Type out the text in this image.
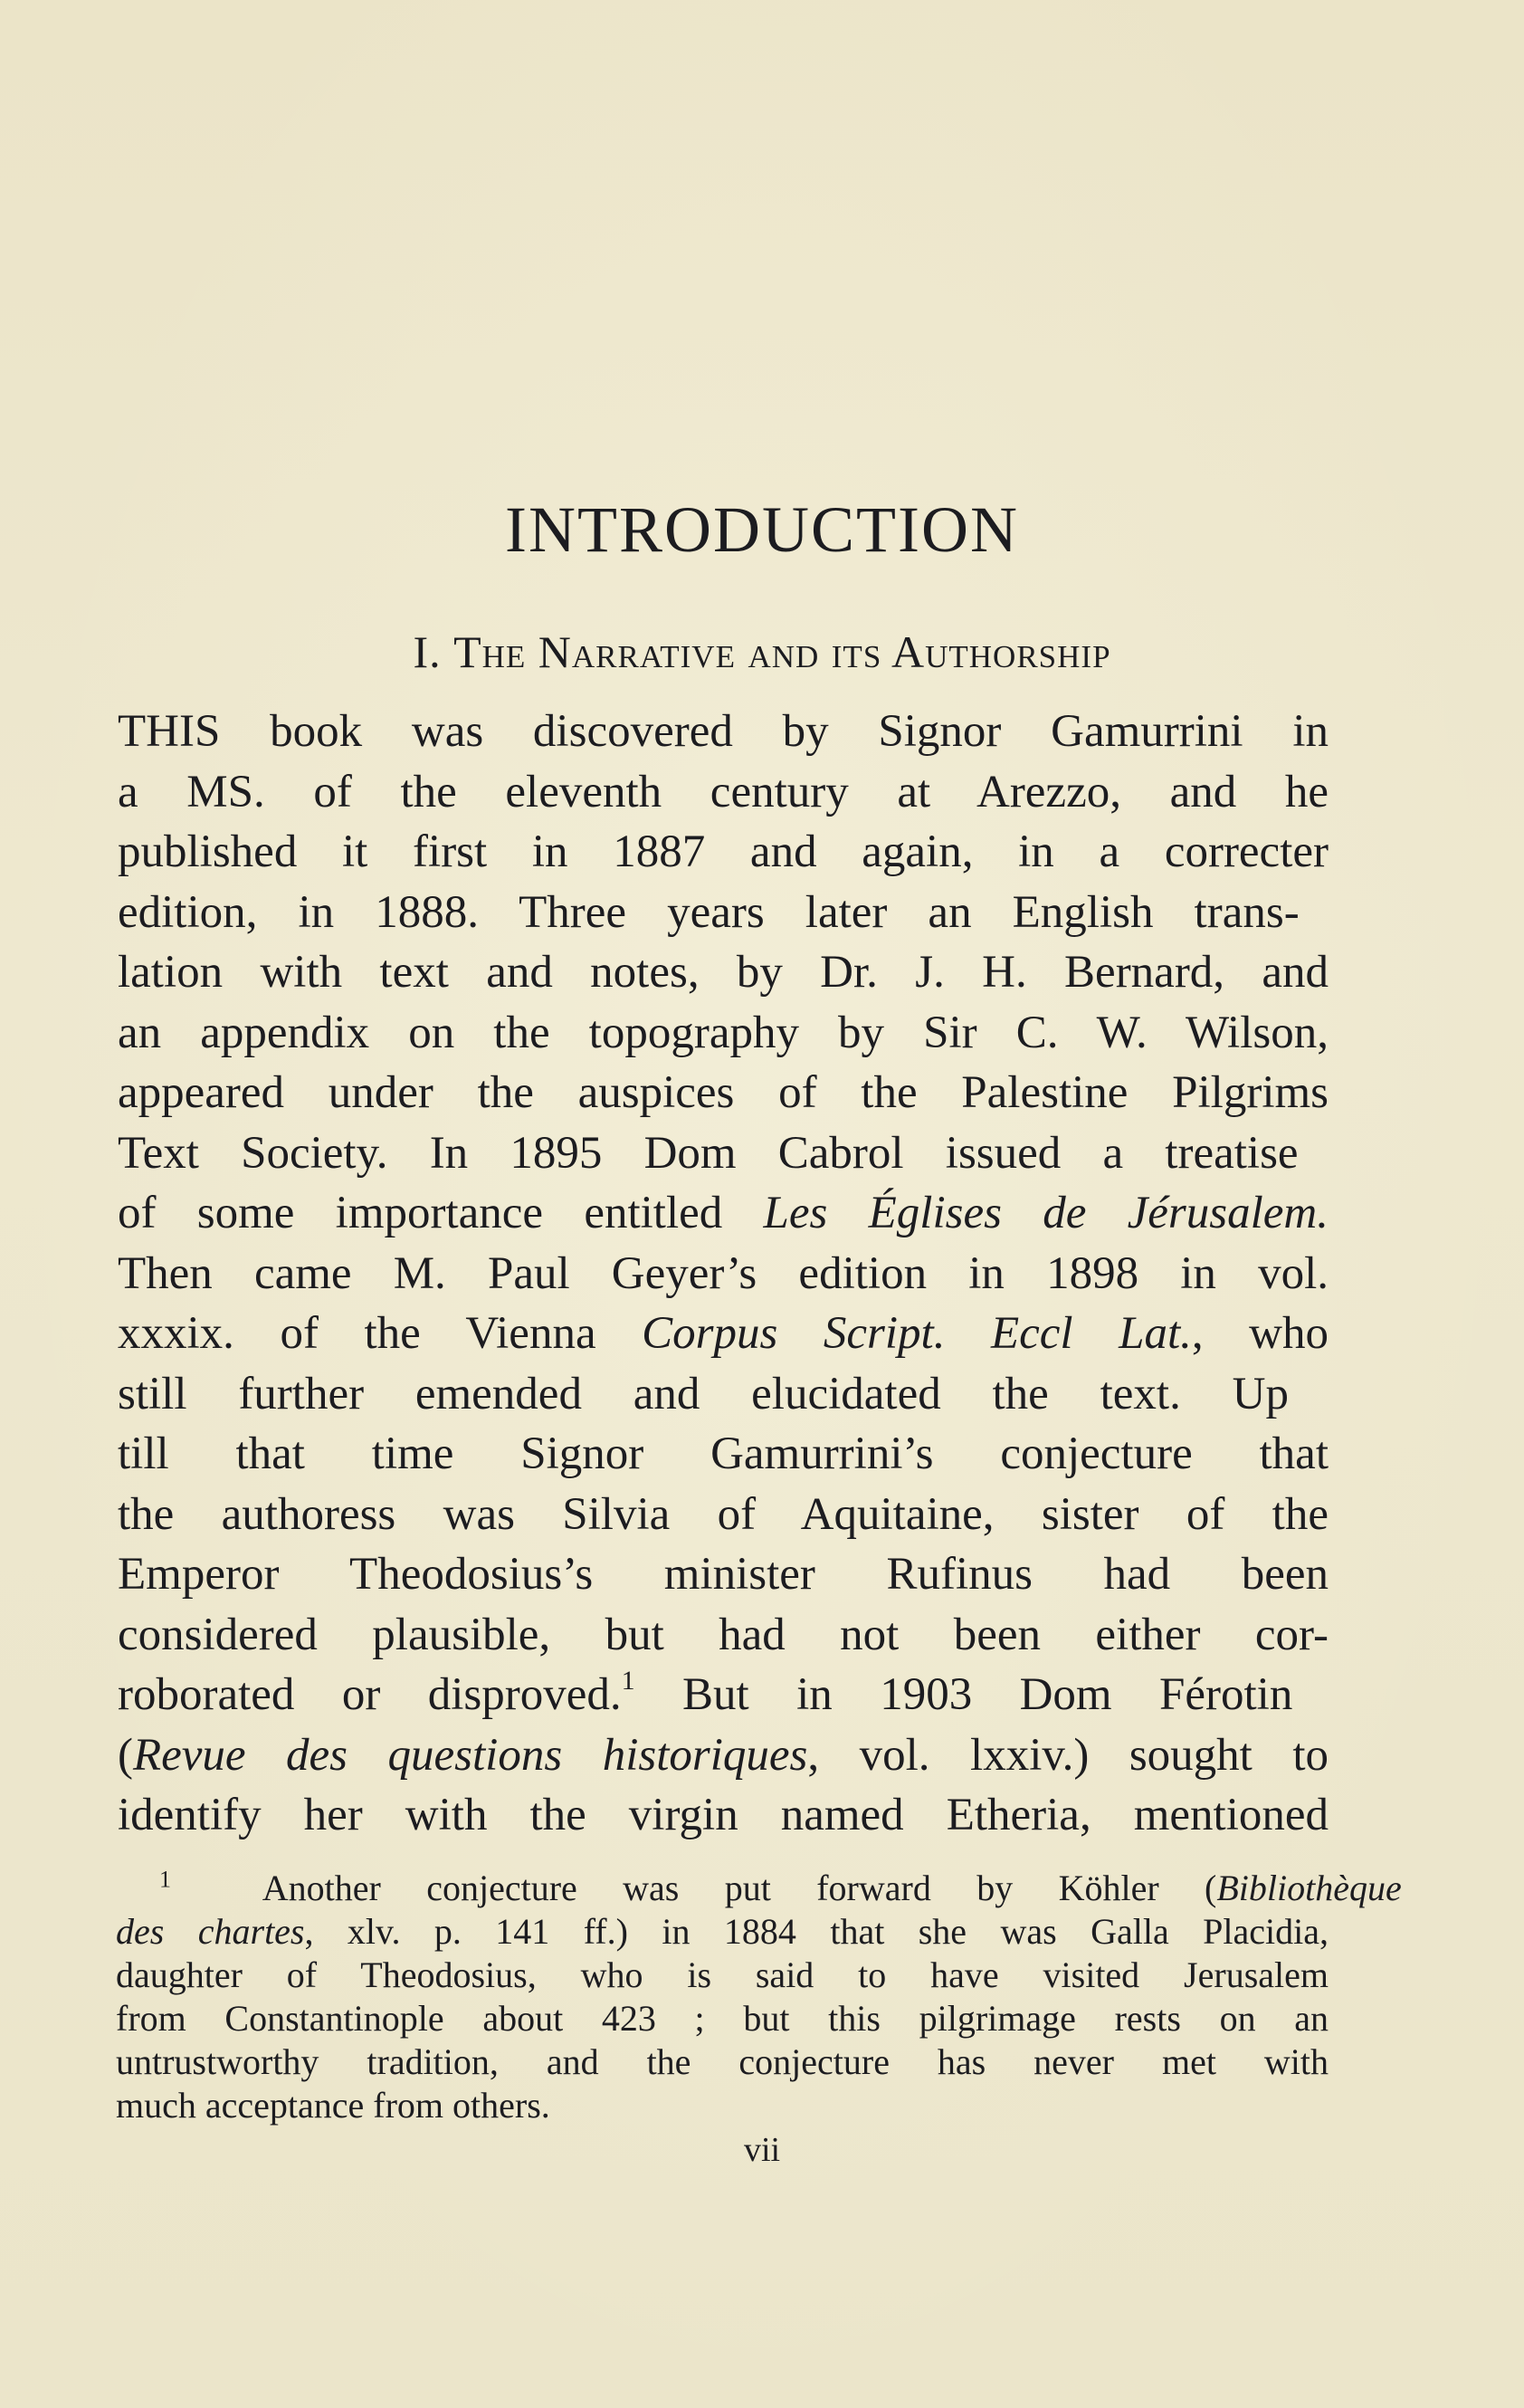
INTRODUCTION
I. The Narrative and its Authorship
THIS book was discovered by Signor Gamurrini in
a MS. of the eleventh century at Arezzo, and he
published it first in 1887 and again, in a correcter
edition, in 1888. Three years later an English trans-
lation with text and notes, by Dr. J. H. Bernard, and
an appendix on the topography by Sir C. W. Wilson,
appeared under the auspices of the Palestine Pilgrims
Text Society. In 1895 Dom Cabrol issued a treatise
of some importance entitled Les Églises de Jérusalem.
Then came M. Paul Geyer’s edition in 1898 in vol.
xxxix. of the Vienna Corpus Script. Eccl Lat., who
still further emended and elucidated the text. Up
till that time Signor Gamurrini’s conjecture that
the authoress was Silvia of Aquitaine, sister of the
Emperor Theodosius’s minister Rufinus had been
considered plausible, but had not been either cor-
roborated or disproved.$^1$ But in 1903 Dom Férotin
(Revue des questions historiques, vol. lxxiv.) sought to
identify her with the virgin named Etheria, mentioned
$^1$	Another conjecture was put forward by Köhler (Bibliothèque
des chartes, xlv. p. 141 ff.) in 1884 that she was Galla Placidia,
daughter of Theodosius, who is said to have visited Jerusalem
from Constantinople about 423 ; but this pilgrimage rests on an
untrustworthy tradition, and the conjecture has never met with
much acceptance from others.
vii
